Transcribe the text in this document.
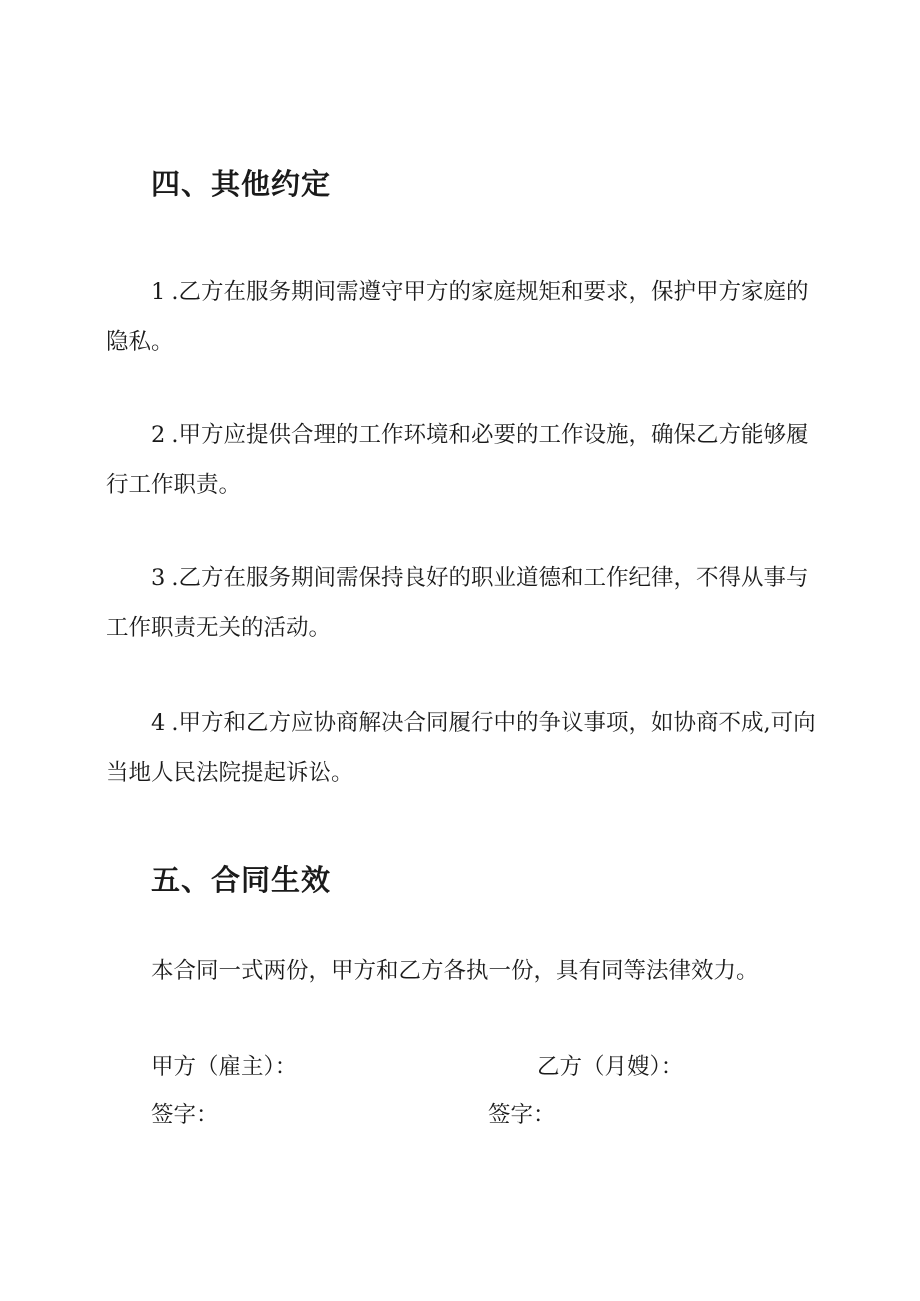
四、其他约定

1 .乙方在服务期间需遵守甲方的家庭规矩和要求，保护甲方家庭的隐私。

2 .甲方应提供合理的工作环境和必要的工作设施，确保乙方能够履行工作职责。

3 .乙方在服务期间需保持良好的职业道德和工作纪律，不得从事与工作职责无关的活动。

4 .甲方和乙方应协商解决合同履行中的争议事项，如协商不成,可向当地人民法院提起诉讼。

五、合同生效

本合同一式两份，甲方和乙方各执一份，具有同等法律效力。

甲方（雇主）：	乙方（月嫂）：

签字：	签字：
